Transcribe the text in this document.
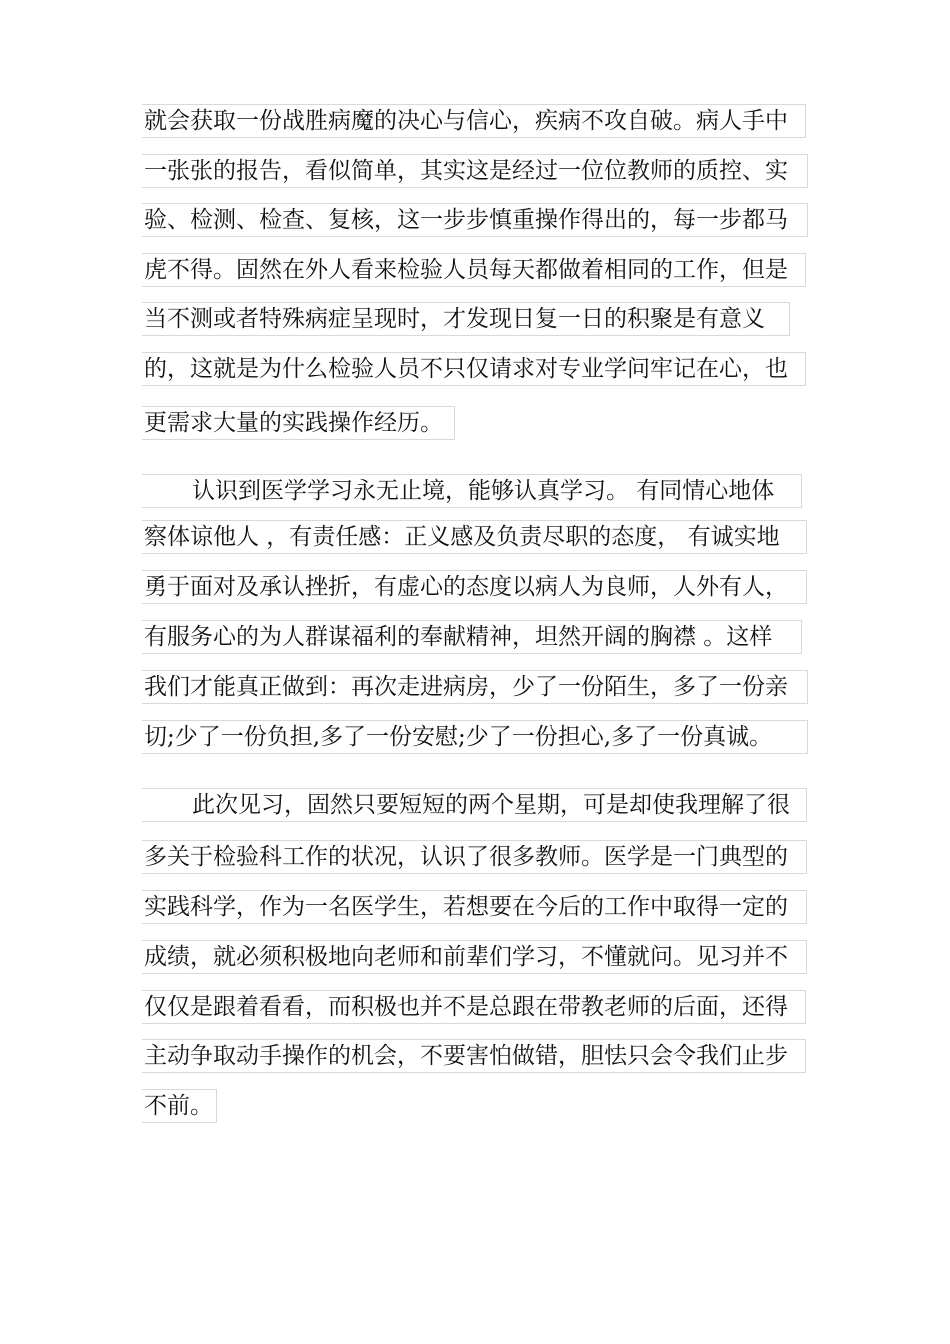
就会获取一份战胜病魔的决心与信心，疾病不攻自破。病人手中
一张张的报告，看似简单，其实这是经过一位位教师的质控、实
验、检测、检查、复核，这一步步慎重操作得出的，每一步都马
虎不得。固然在外人看来检验人员每天都做着相同的工作，但是
当不测或者特殊病症呈现时，才发现日复一日的积聚是有意义
的，这就是为什么检验人员不只仅请求对专业学问牢记在心，也
更需求大量的实践操作经历。
认识到医学学习永无止境，能够认真学习。 有同情心地体
察体谅他人 ，有责任感：正义感及负责尽职的态度， 有诚实地
勇于面对及承认挫折，有虚心的态度以病人为良师，人外有人，
有服务心的为人群谋福利的奉献精神，坦然开阔的胸襟 。这样
我们才能真正做到：再次走进病房，少了一份陌生，多了一份亲
切;少了一份负担,多了一份安慰;少了一份担心,多了一份真诚。
此次见习，固然只要短短的两个星期，可是却使我理解了很
多关于检验科工作的状况，认识了很多教师。医学是一门典型的
实践科学，作为一名医学生，若想要在今后的工作中取得一定的
成绩，就必须积极地向老师和前辈们学习，不懂就问。见习并不
仅仅是跟着看看，而积极也并不是总跟在带教老师的后面，还得
主动争取动手操作的机会，不要害怕做错，胆怯只会令我们止步
不前。
